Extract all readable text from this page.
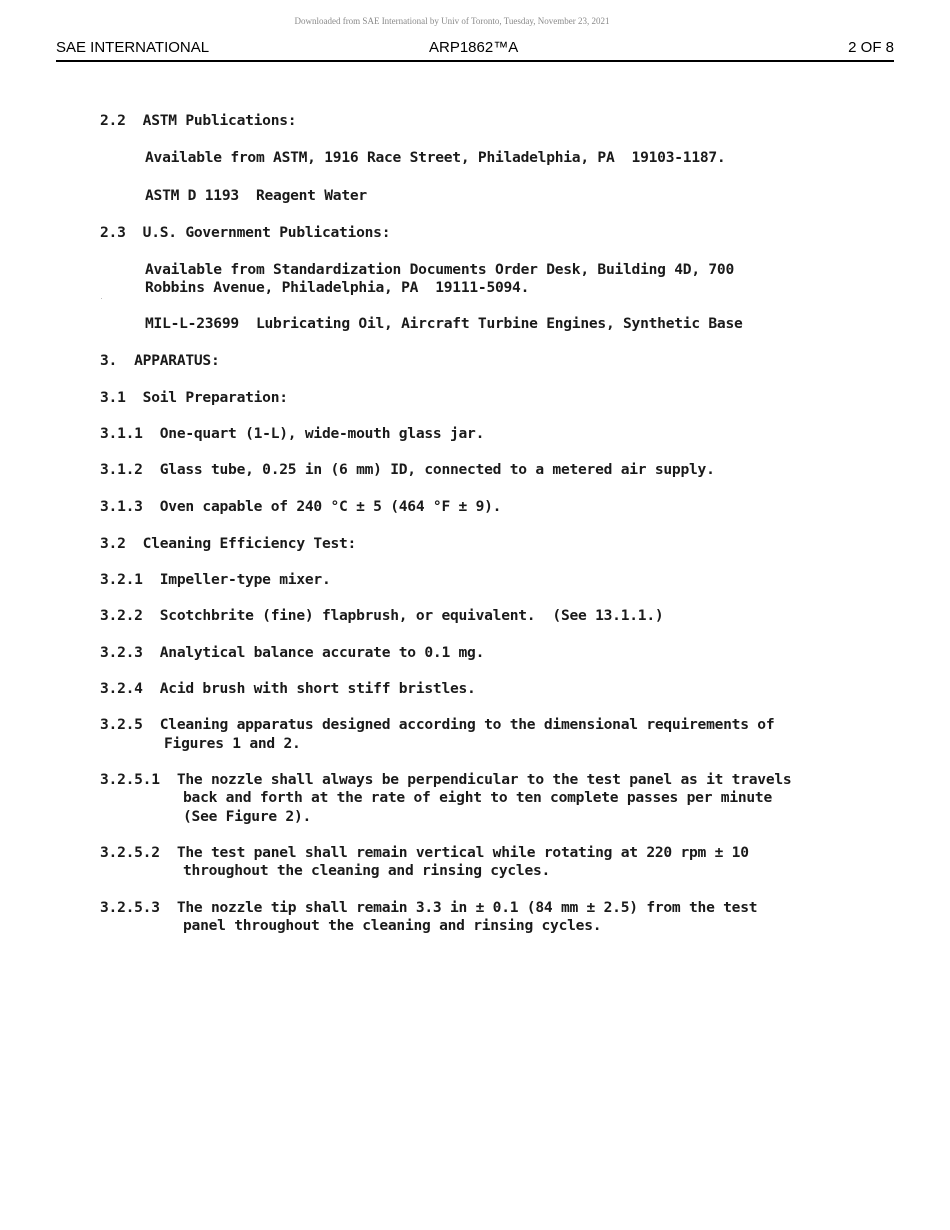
Downloaded from SAE International by Univ of Toronto, Tuesday, November 23, 2021
SAE INTERNATIONAL	ARP1862™A	2 OF 8
2.2  ASTM Publications:
Available from ASTM, 1916 Race Street, Philadelphia, PA  19103-1187.
ASTM D 1193  Reagent Water
2.3  U.S. Government Publications:
Available from Standardization Documents Order Desk, Building 4D, 700
Robbins Avenue, Philadelphia, PA  19111-5094.
MIL-L-23699  Lubricating Oil, Aircraft Turbine Engines, Synthetic Base
3.  APPARATUS:
3.1  Soil Preparation:
3.1.1  One-quart (1-L), wide-mouth glass jar.
3.1.2  Glass tube, 0.25 in (6 mm) ID, connected to a metered air supply.
3.1.3  Oven capable of 240 °C ± 5 (464 °F ± 9).
3.2  Cleaning Efficiency Test:
3.2.1  Impeller-type mixer.
3.2.2  Scotchbrite (fine) flapbrush, or equivalent.  (See 13.1.1.)
3.2.3  Analytical balance accurate to 0.1 mg.
3.2.4  Acid brush with short stiff bristles.
3.2.5  Cleaning apparatus designed according to the dimensional requirements of
Figures 1 and 2.
3.2.5.1  The nozzle shall always be perpendicular to the test panel as it travels
back and forth at the rate of eight to ten complete passes per minute
(See Figure 2).
3.2.5.2  The test panel shall remain vertical while rotating at 220 rpm ± 10
throughout the cleaning and rinsing cycles.
3.2.5.3  The nozzle tip shall remain 3.3 in ± 0.1 (84 mm ± 2.5) from the test
panel throughout the cleaning and rinsing cycles.
